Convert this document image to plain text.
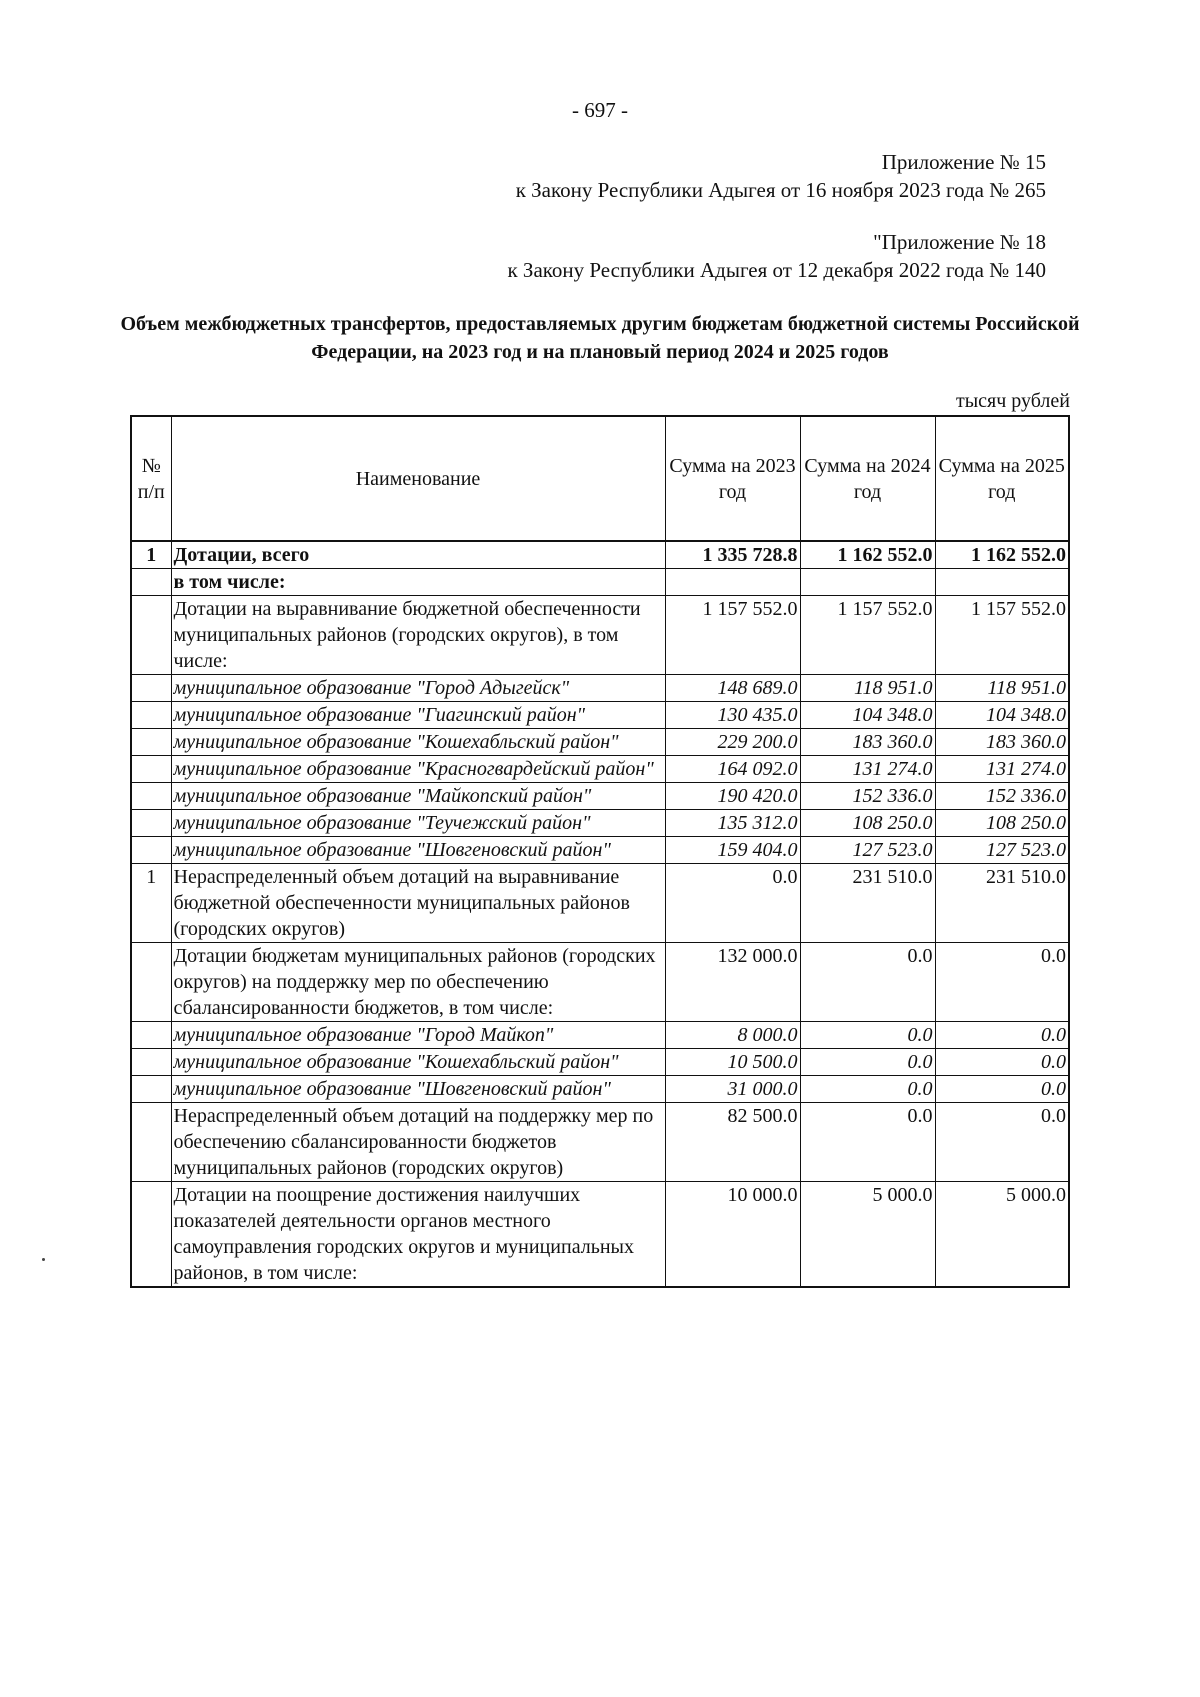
- 697 -
Приложение № 15
к Закону Республики Адыгея от 16 ноября 2023 года № 265
"Приложение № 18
к Закону Республики Адыгея от 12 декабря 2022 года № 140
Объем межбюджетных трансфертов, предоставляемых другим бюджетам бюджетной системы Российской Федерации, на 2023 год и на плановый период 2024 и 2025 годов
тысяч рублей
№ п/п	Наименование	Сумма на 2023 год	Сумма на 2024 год	Сумма на 2025 год
1	Дотации, всего	1 335 728.8	1 162 552.0	1 162 552.0
	в том числе:			
	Дотации на выравнивание бюджетной обеспеченности муниципальных районов (городских округов), в том числе:	1 157 552.0	1 157 552.0	1 157 552.0
	муниципальное образование "Город Адыгейск"	148 689.0	118 951.0	118 951.0
	муниципальное образование "Гиагинский район"	130 435.0	104 348.0	104 348.0
	муниципальное образование "Кошехабльский район"	229 200.0	183 360.0	183 360.0
	муниципальное образование "Красногвардейский район"	164 092.0	131 274.0	131 274.0
	муниципальное образование "Майкопский район"	190 420.0	152 336.0	152 336.0
	муниципальное образование "Теучежский район"	135 312.0	108 250.0	108 250.0
	муниципальное образование "Шовгеновский район"	159 404.0	127 523.0	127 523.0
1	Нераспределенный объем дотаций на выравнивание бюджетной обеспеченности муниципальных районов (городских округов)	0.0	231 510.0	231 510.0
	Дотации бюджетам муниципальных районов (городских округов) на поддержку мер по обеспечению сбалансированности бюджетов, в том числе:	132 000.0	0.0	0.0
	муниципальное образование "Город Майкоп"	8 000.0	0.0	0.0
	муниципальное образование "Кошехабльский район"	10 500.0	0.0	0.0
	муниципальное образование "Шовгеновский район"	31 000.0	0.0	0.0
	Нераспределенный объем дотаций на поддержку мер по обеспечению сбалансированности бюджетов муниципальных районов (городских округов)	82 500.0	0.0	0.0
	Дотации на поощрение достижения наилучших показателей деятельности органов местного самоуправления городских округов и муниципальных районов, в том числе:	10 000.0	5 000.0	5 000.0
